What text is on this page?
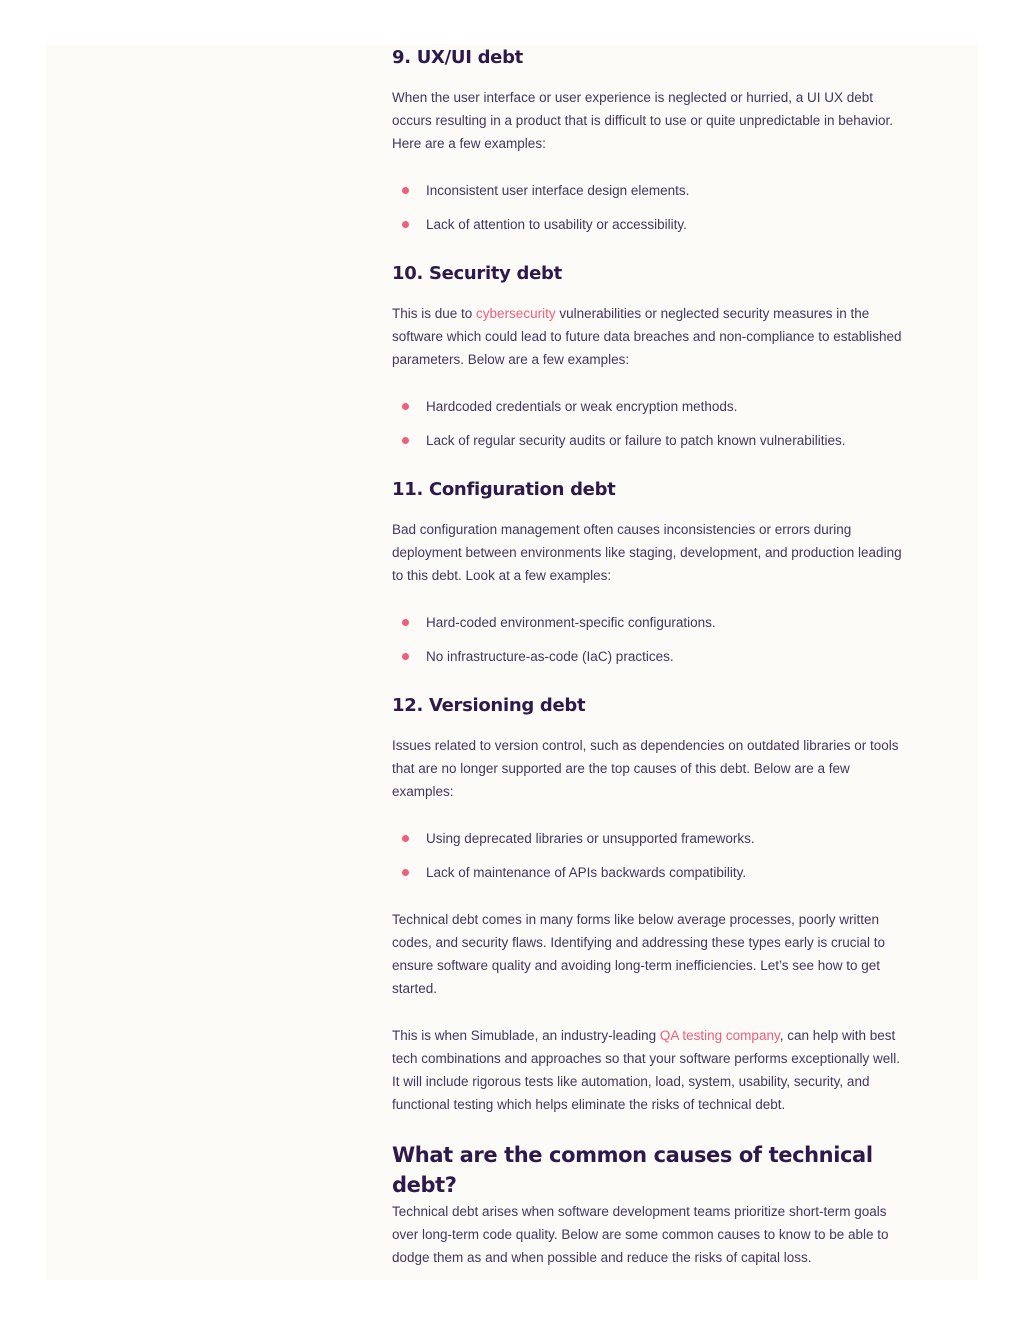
9. UX/UI debt

When the user interface or user experience is neglected or hurried, a UI UX debt occurs resulting in a product that is difficult to use or quite unpredictable in behavior. Here are a few examples:

Inconsistent user interface design elements.
Lack of attention to usability or accessibility.
10. Security debt

This is due to cybersecurity vulnerabilities or neglected security measures in the software which could lead to future data breaches and non-compliance to established parameters. Below are a few examples:

Hardcoded credentials or weak encryption methods.
Lack of regular security audits or failure to patch known vulnerabilities.
11. Configuration debt

Bad configuration management often causes inconsistencies or errors during deployment between environments like staging, development, and production leading to this debt. Look at a few examples:

Hard-coded environment-specific configurations.
No infrastructure-as-code (IaC) practices.
12. Versioning debt

Issues related to version control, such as dependencies on outdated libraries or tools that are no longer supported are the top causes of this debt. Below are a few examples:

Using deprecated libraries or unsupported frameworks.
Lack of maintenance of APIs backwards compatibility.

Technical debt comes in many forms like below average processes, poorly written codes, and security flaws. Identifying and addressing these types early is crucial to ensure software quality and avoiding long-term inefficiencies. Let’s see how to get started.

This is when Simublade, an industry-leading QA testing company, can help with best tech combinations and approaches so that your software performs exceptionally well. It will include rigorous tests like automation, load, system, usability, security, and functional testing which helps eliminate the risks of technical debt.

What are the common causes of technical debt?

Technical debt arises when software development teams prioritize short-term goals over long-term code quality. Below are some common causes to know to be able to dodge them as and when possible and reduce the risks of capital loss.
